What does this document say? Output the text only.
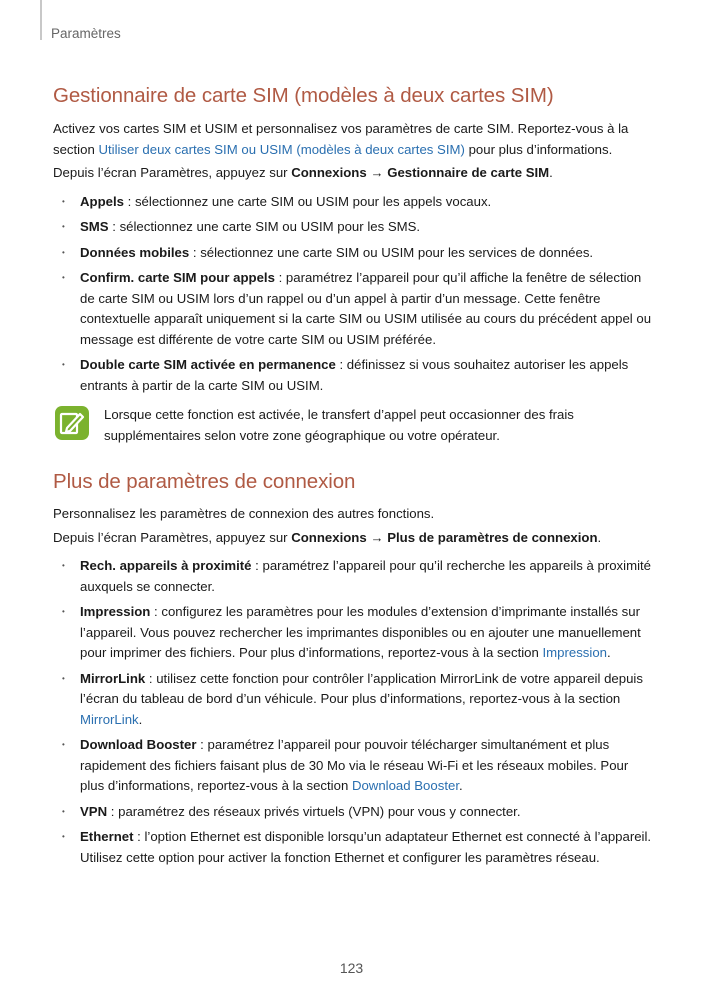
Paramètres
Gestionnaire de carte SIM (modèles à deux cartes SIM)

Activez vos cartes SIM et USIM et personnalisez vos paramètres de carte SIM. Reportez-vous à la section Utiliser deux cartes SIM ou USIM (modèles à deux cartes SIM) pour plus d’informations.

Depuis l’écran Paramètres, appuyez sur Connexions → Gestionnaire de carte SIM.

• Appels : sélectionnez une carte SIM ou USIM pour les appels vocaux.
• SMS : sélectionnez une carte SIM ou USIM pour les SMS.
• Données mobiles : sélectionnez une carte SIM ou USIM pour les services de données.
• Confirm. carte SIM pour appels : paramétrez l’appareil pour qu’il affiche la fenêtre de sélection de carte SIM ou USIM lors d’un rappel ou d’un appel à partir d’un message. Cette fenêtre contextuelle apparaît uniquement si la carte SIM ou USIM utilisée au cours du précédent appel ou message est différente de votre carte SIM ou USIM préférée.
• Double carte SIM activée en permanence : définissez si vous souhaitez autoriser les appels entrants à partir de la carte SIM ou USIM.

Lorsque cette fonction est activée, le transfert d’appel peut occasionner des frais supplémentaires selon votre zone géographique ou votre opérateur.

Plus de paramètres de connexion

Personnalisez les paramètres de connexion des autres fonctions.

Depuis l’écran Paramètres, appuyez sur Connexions → Plus de paramètres de connexion.

• Rech. appareils à proximité : paramétrez l’appareil pour qu’il recherche les appareils à proximité auxquels se connecter.
• Impression : configurez les paramètres pour les modules d’extension d’imprimante installés sur l’appareil. Vous pouvez rechercher les imprimantes disponibles ou en ajouter une manuellement pour imprimer des fichiers. Pour plus d’informations, reportez-vous à la section Impression.
• MirrorLink : utilisez cette fonction pour contrôler l’application MirrorLink de votre appareil depuis l’écran du tableau de bord d’un véhicule. Pour plus d’informations, reportez-vous à la section MirrorLink.
• Download Booster : paramétrez l’appareil pour pouvoir télécharger simultanément et plus rapidement des fichiers faisant plus de 30 Mo via le réseau Wi-Fi et les réseaux mobiles. Pour plus d’informations, reportez-vous à la section Download Booster.
• VPN : paramétrez des réseaux privés virtuels (VPN) pour vous y connecter.
• Ethernet : l’option Ethernet est disponible lorsqu’un adaptateur Ethernet est connecté à l’appareil. Utilisez cette option pour activer la fonction Ethernet et configurer les paramètres réseau.
123
